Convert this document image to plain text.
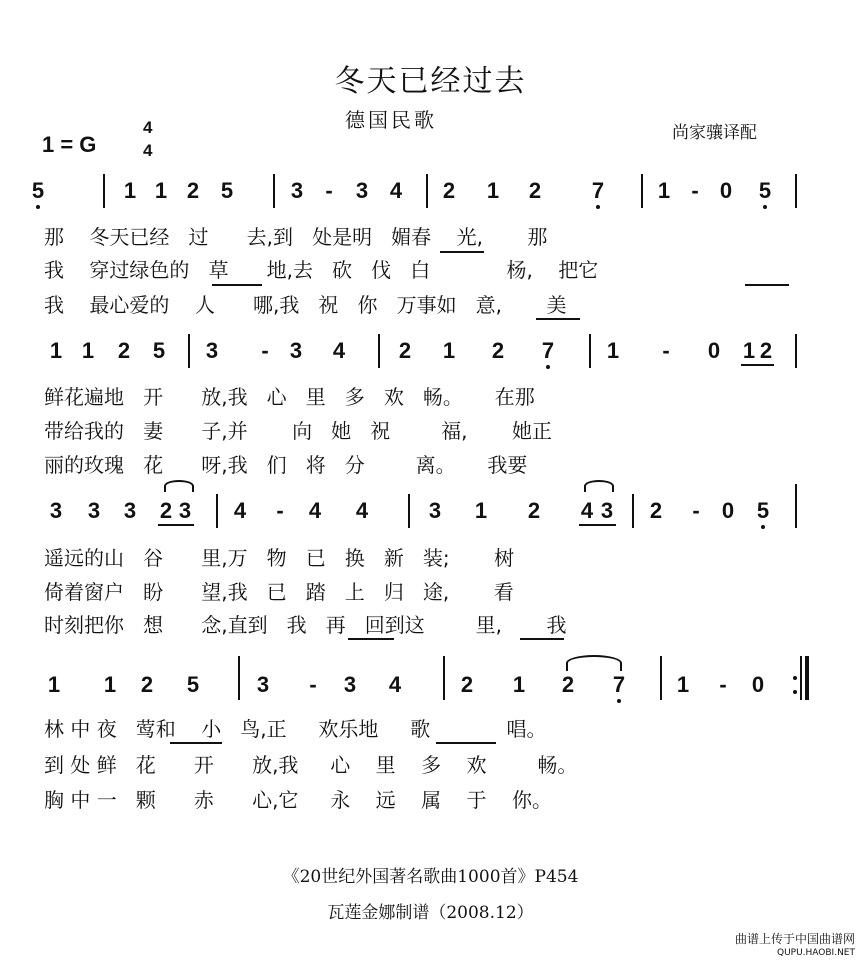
冬天已经过去
德国民歌
尚家骧译配
1 = G
4
4
5	1 1 2 5	3	-	3 4 2 1 2 7 1 - 0 5
那    冬天已经   过      去,到   处是明   媚春    光,       那
我    穿过绿色的   草      地,去   砍   伐   白            杨,    把它
我    最心爱的    人      哪,我   祝   你   万事如   意,       美
1 1 2 5 3	- 3 4 2 1 2 7 1	-	0 1 2
鲜花遍地   开      放,我   心   里   多   欢   畅。     在那
带给我的   妻      子,并       向   她   祝        福,       她正
丽的玫瑰   花      呀,我   们   将   分        离。     我要
3 3 3 2 3 4	-	4 4	3 1 2 4 3 2	-	0 5
遥远的山   谷      里,万   物   已   换   新   装;       树
倚着窗户   盼      望,我   已   踏   上   归   途,       看
时刻把你   想      念,直到   我   再   回到这        里,       我
1 1 2 5	3	-	3 4	2 1 2 7 1	-	0
林 中 夜   莺和    小   鸟,正     欢乐地     歌            唱。
到 处 鲜   花      开      放,我     心    里    多    欢        畅。
胸 中 一   颗      赤      心,它     永    远    属    于    你。
《20世纪外国著名歌曲1000首》P454
瓦莲金娜制谱（2008.12）
曲谱上传于中国曲谱网
QUPU.HAOBI.NET
